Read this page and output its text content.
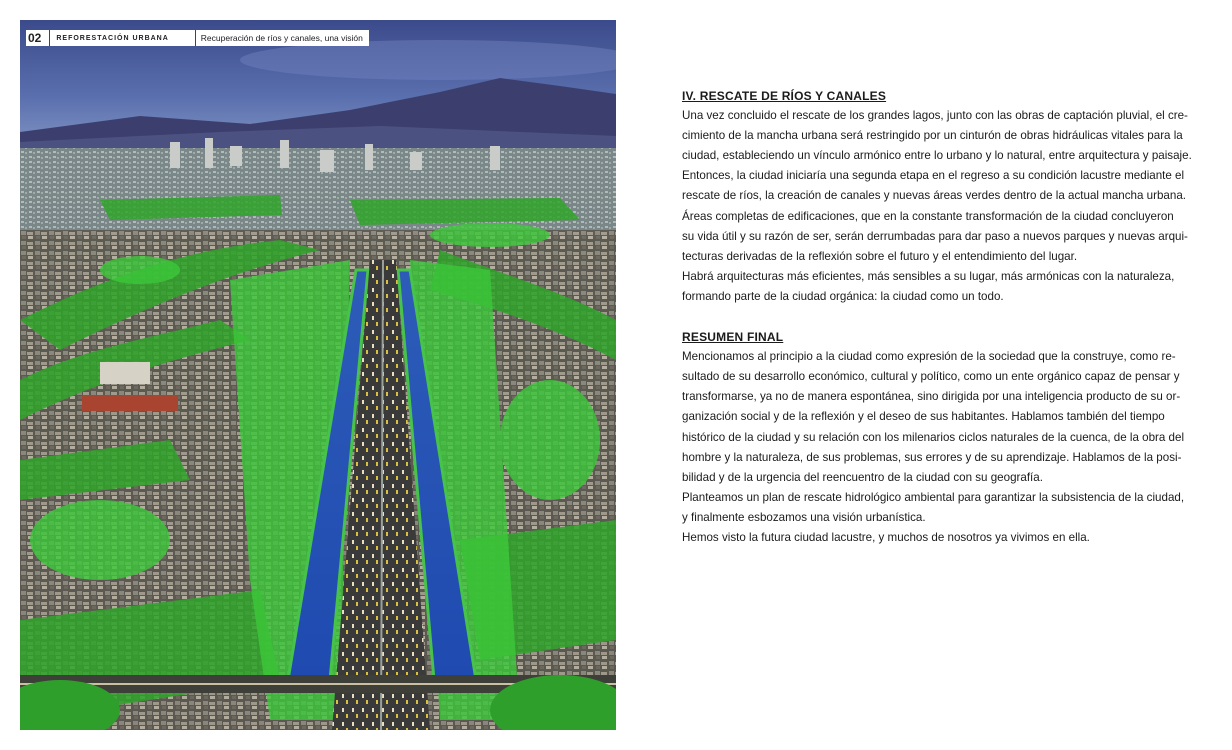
02	REFORESTACIÓN URBANA	Recuperación de ríos y canales, una visión
IV. RESCATE DE RÍOS Y CANALES
Una vez concluido el rescate de los grandes lagos, junto con las obras de captación pluvial, el cre-
cimiento de la mancha urbana será restringido por un cinturón de obras hidráulicas vitales para la
ciudad, estableciendo un vínculo armónico entre lo urbano y lo natural, entre arquitectura y paisaje.
Entonces, la ciudad iniciaría una segunda etapa en el regreso a su condición lacustre mediante el
rescate de ríos, la creación de canales y nuevas áreas verdes dentro de la actual mancha urbana.
Áreas completas de edificaciones, que en la constante transformación de la ciudad concluyeron
su vida útil y su razón de ser, serán derrumbadas para dar paso a nuevos parques y nuevas arqui-
tecturas derivadas de la reflexión sobre el futuro y el entendimiento del lugar.
Habrá arquitecturas más eficientes, más sensibles a su lugar, más armónicas con la naturaleza,
formando parte de la ciudad orgánica: la ciudad como un todo.
RESUMEN FINAL
Mencionamos al principio a la ciudad como expresión de la sociedad que la construye, como re-
sultado de su desarrollo económico, cultural y político, como un ente orgánico capaz de pensar y
transformarse, ya no de manera espontánea, sino dirigida por una inteligencia producto de su or-
ganización social y de la reflexión y el deseo de sus habitantes. Hablamos también del tiempo
histórico de la ciudad y su relación con los milenarios ciclos naturales de la cuenca, de la obra del
hombre y la naturaleza, de sus problemas, sus errores y de su aprendizaje. Hablamos de la posi-
bilidad y de la urgencia del reencuentro de la ciudad con su geografía.
Planteamos un plan de rescate hidrológico ambiental para garantizar la subsistencia de la ciudad,
y finalmente esbozamos una visión urbanística.
Hemos visto la futura ciudad lacustre, y muchos de nosotros ya vivimos en ella.
